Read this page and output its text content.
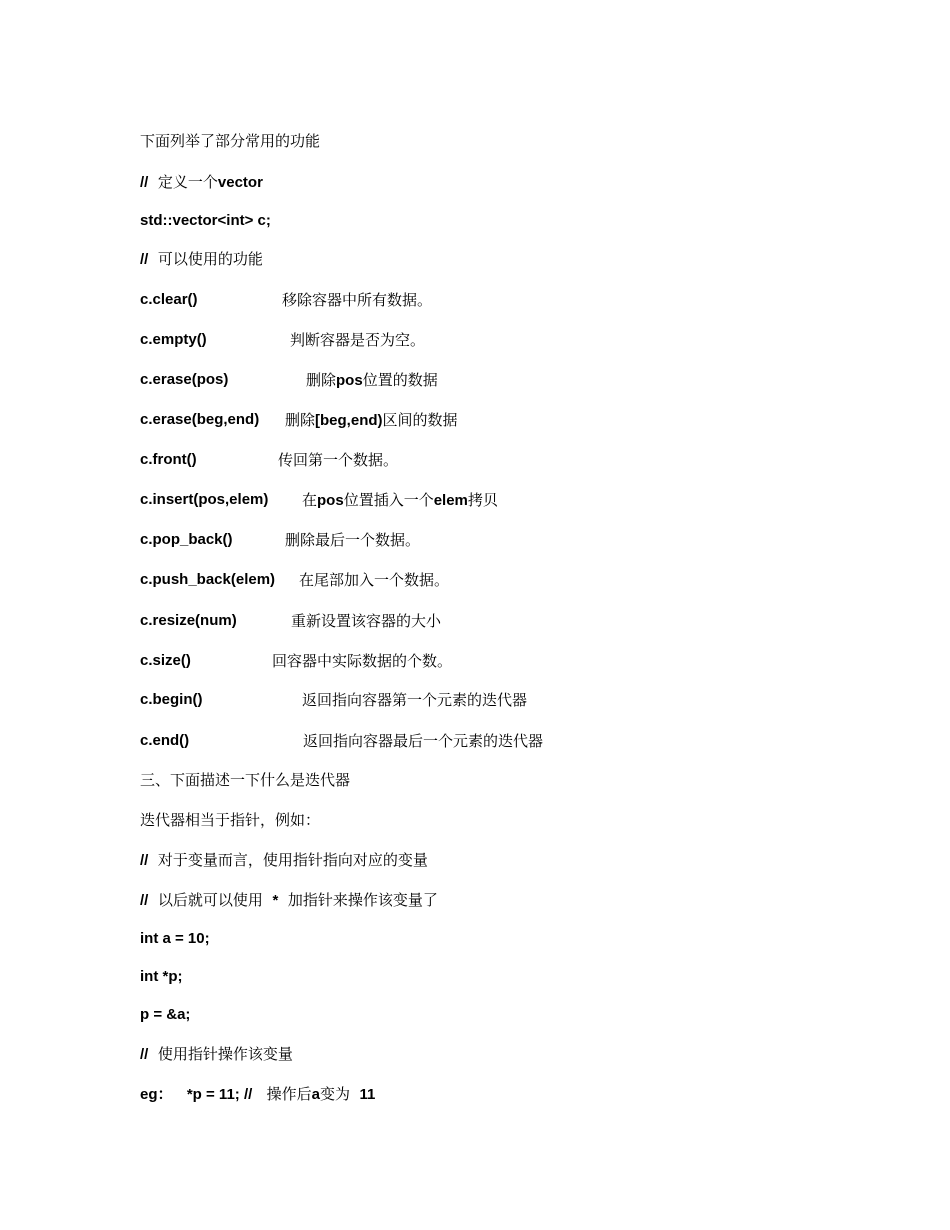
下面列举了部分常用的功能
// 定义一个vector
std::vector<int> c;
// 可以使用的功能
c.clear()	移除容器中所有数据。
c.empty()	判断容器是否为空。
c.erase(pos)	删除pos位置的数据
c.erase(beg,end) 删除[beg,end)区间的数据
c.front()	传回第一个数据。
c.insert(pos,elem) 在pos位置插入一个elem拷贝
c.pop_back()	删除最后一个数据。
c.push_back(elem) 在尾部加入一个数据。
c.resize(num)	重新设置该容器的大小
c.size()	回容器中实际数据的个数。
c.begin()	返回指向容器第一个元素的迭代器
c.end()	返回指向容器最后一个元素的迭代器
三、下面描述一下什么是迭代器
迭代器相当于指针，例如：
// 对于变量而言，使用指针指向对应的变量
// 以后就可以使用 * 加指针来操作该变量了
int a = 10;
int *p;
p = &a;
// 使用指针操作该变量
eg： *p = 11; // 操作后a变为 11
